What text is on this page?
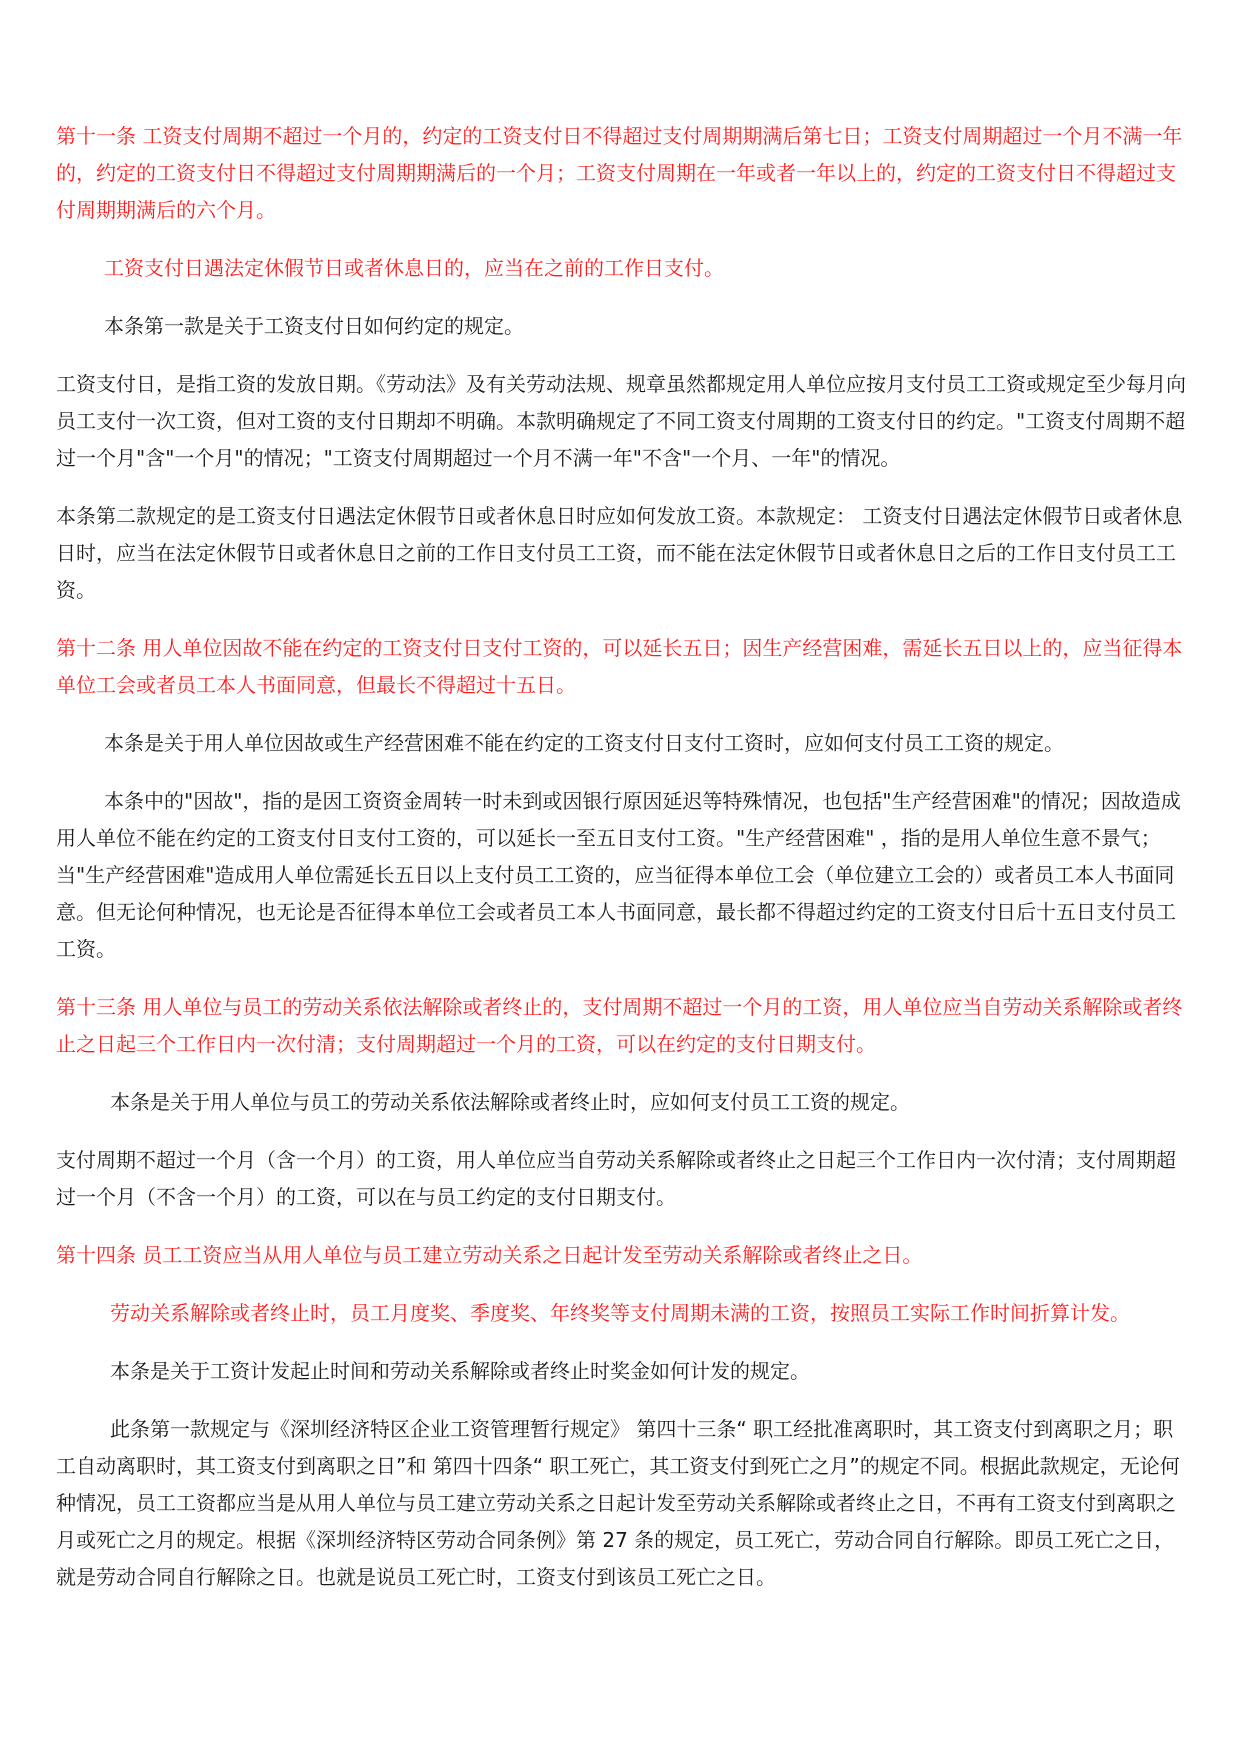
第十一条 工资支付周期不超过一个月的，约定的工资支付日不得超过支付周期期满后第七日；工资支付周期超过一个月不满一年的，约定的工资支付日不得超过支付周期期满后的一个月；工资支付周期在一年或者一年以上的，约定的工资支付日不得超过支付周期期满后的六个月。

工资支付日遇法定休假节日或者休息日的，应当在之前的工作日支付。

本条第一款是关于工资支付日如何约定的规定。

工资支付日，是指工资的发放日期。《劳动法》及有关劳动法规、规章虽然都规定用人单位应按月支付员工工资或规定至少每月向员工支付一次工资，但对工资的支付日期却不明确。本款明确规定了不同工资支付周期的工资支付日的约定。"工资支付周期不超过一个月"含"一个月"的情况；"工资支付周期超过一个月不满一年"不含"一个月、一年"的情况。

本条第二款规定的是工资支付日遇法定休假节日或者休息日时应如何发放工资。本款规定： 工资支付日遇法定休假节日或者休息日时，应当在法定休假节日或者休息日之前的工作日支付员工工资，而不能在法定休假节日或者休息日之后的工作日支付员工工资。

第十二条 用人单位因故不能在约定的工资支付日支付工资的，可以延长五日；因生产经营困难，需延长五日以上的，应当征得本单位工会或者员工本人书面同意，但最长不得超过十五日。

本条是关于用人单位因故或生产经营困难不能在约定的工资支付日支付工资时，应如何支付员工工资的规定。

本条中的"因故"，指的是因工资资金周转一时未到或因银行原因延迟等特殊情况，也包括"生产经营困难"的情况；因故造成用人单位不能在约定的工资支付日支付工资的，可以延长一至五日支付工资。"生产经营困难" ，指的是用人单位生意不景气；当"生产经营困难"造成用人单位需延长五日以上支付员工工资的，应当征得本单位工会（单位建立工会的）或者员工本人书面同意。但无论何种情况，也无论是否征得本单位工会或者员工本人书面同意，最长都不得超过约定的工资支付日后十五日支付员工工资。

第十三条 用人单位与员工的劳动关系依法解除或者终止的，支付周期不超过一个月的工资，用人单位应当自劳动关系解除或者终止之日起三个工作日内一次付清；支付周期超过一个月的工资，可以在约定的支付日期支付。

本条是关于用人单位与员工的劳动关系依法解除或者终止时，应如何支付员工工资的规定。

支付周期不超过一个月（含一个月）的工资，用人单位应当自劳动关系解除或者终止之日起三个工作日内一次付清；支付周期超过一个月（不含一个月）的工资，可以在与员工约定的支付日期支付。

第十四条 员工工资应当从用人单位与员工建立劳动关系之日起计发至劳动关系解除或者终止之日。

劳动关系解除或者终止时，员工月度奖、季度奖、年终奖等支付周期未满的工资，按照员工实际工作时间折算计发。

本条是关于工资计发起止时间和劳动关系解除或者终止时奖金如何计发的规定。

此条第一款规定与《深圳经济特区企业工资管理暂行规定》 第四十三条“ 职工经批准离职时，其工资支付到离职之月；职工自动离职时，其工资支付到离职之日”和 第四十四条“ 职工死亡，其工资支付到死亡之月”的规定不同。根据此款规定，无论何种情况，员工工资都应当是从用人单位与员工建立劳动关系之日起计发至劳动关系解除或者终止之日，不再有工资支付到离职之月或死亡之月的规定。根据《深圳经济特区劳动合同条例》第 27 条的规定，员工死亡，劳动合同自行解除。即员工死亡之日，就是劳动合同自行解除之日。也就是说员工死亡时，工资支付到该员工死亡之日。
